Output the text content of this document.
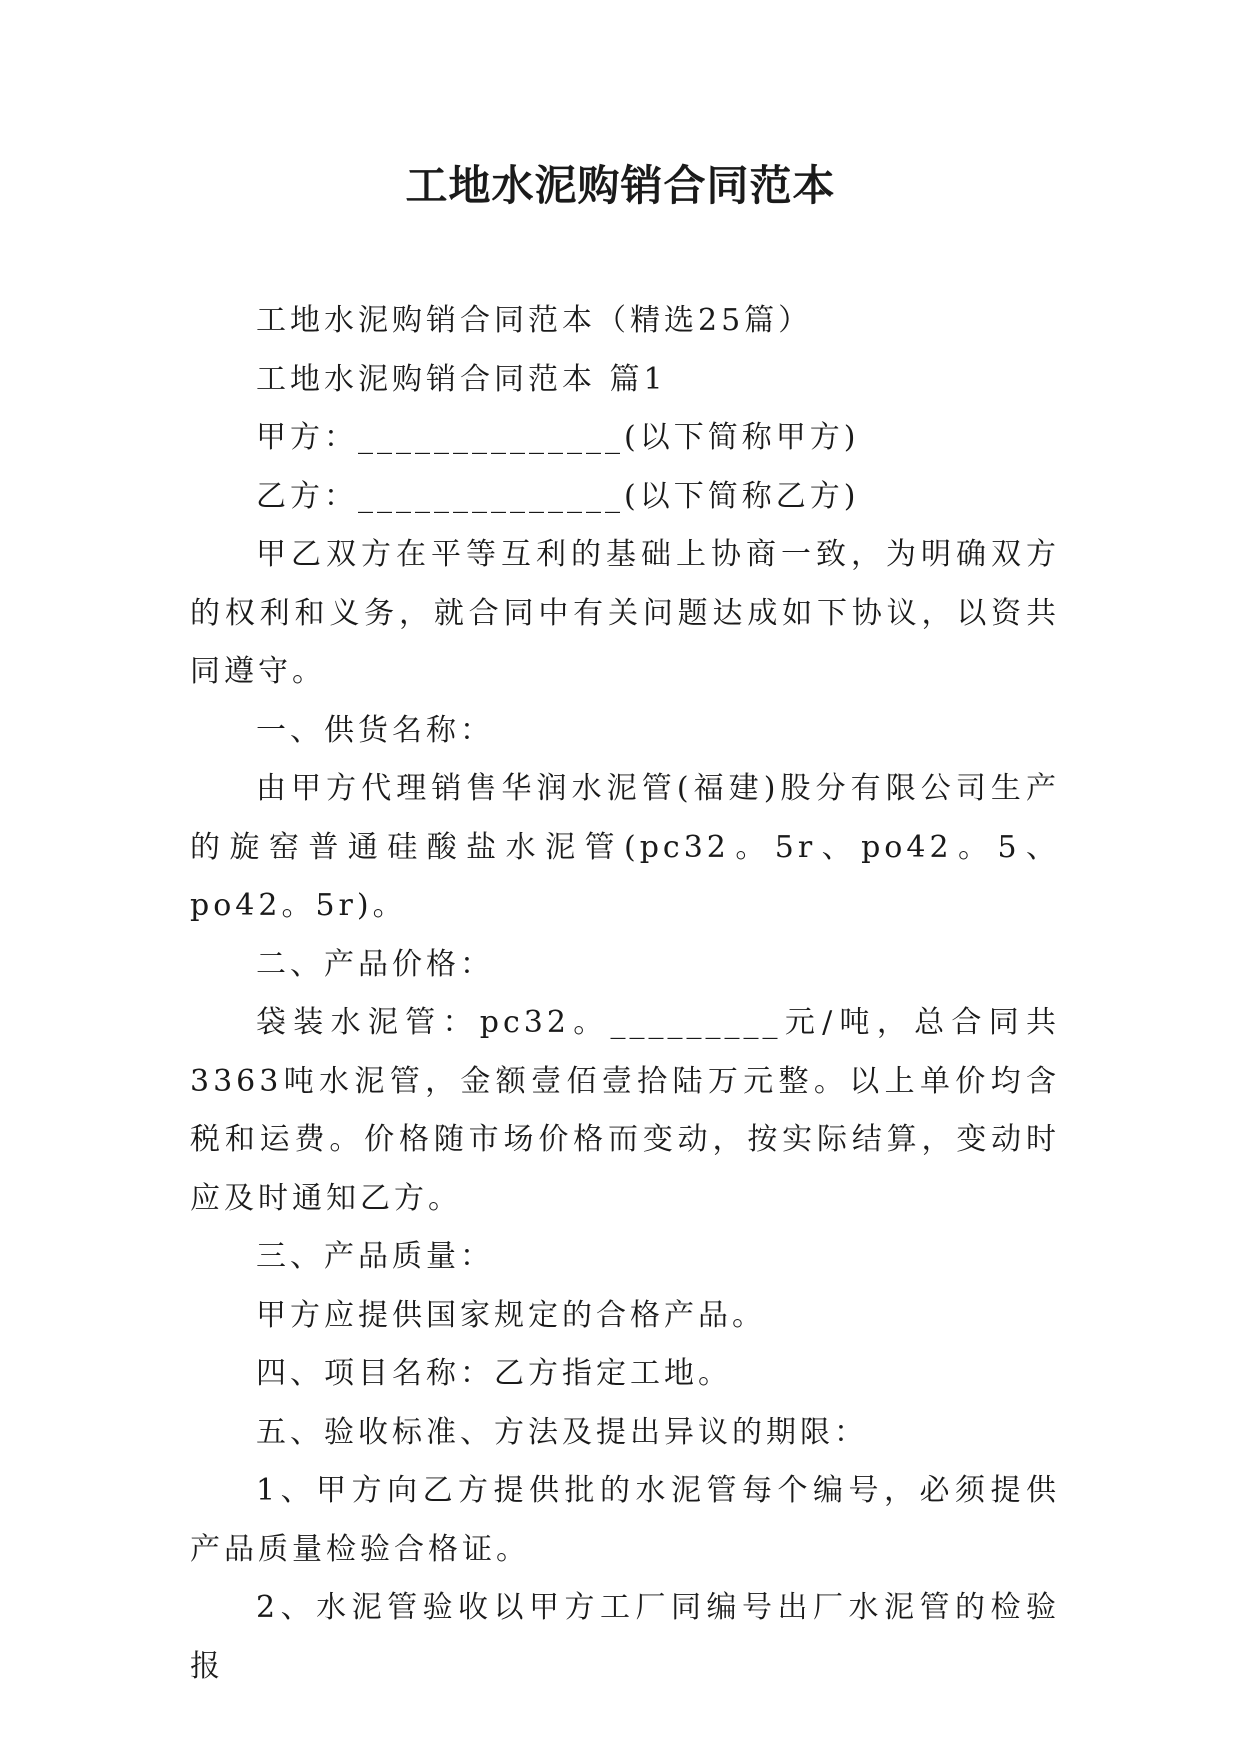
工地水泥购销合同范本

工地水泥购销合同范本（精选25篇）

工地水泥购销合同范本 篇1

甲方：______________(以下简称甲方)

乙方：______________(以下简称乙方)

甲乙双方在平等互利的基础上协商一致，为明确双方的权利和义务，就合同中有关问题达成如下协议，以资共同遵守。

一、供货名称：

由甲方代理销售华润水泥管(福建)股分有限公司生产的旋窑普通硅酸盐水泥管(pc32。5r、po42。5、po42。5r)。

二、产品价格：

袋装水泥管：pc32。_________元/吨，总合同共3363吨水泥管，金额壹佰壹拾陆万元整。以上单价均含税和运费。价格随市场价格而变动，按实际结算，变动时应及时通知乙方。

三、产品质量：

甲方应提供国家规定的合格产品。

四、项目名称：乙方指定工地。

五、验收标准、方法及提出异议的期限：

1、甲方向乙方提供批的水泥管每个编号，必须提供产品质量检验合格证。

2、水泥管验收以甲方工厂同编号出厂水泥管的检验报
